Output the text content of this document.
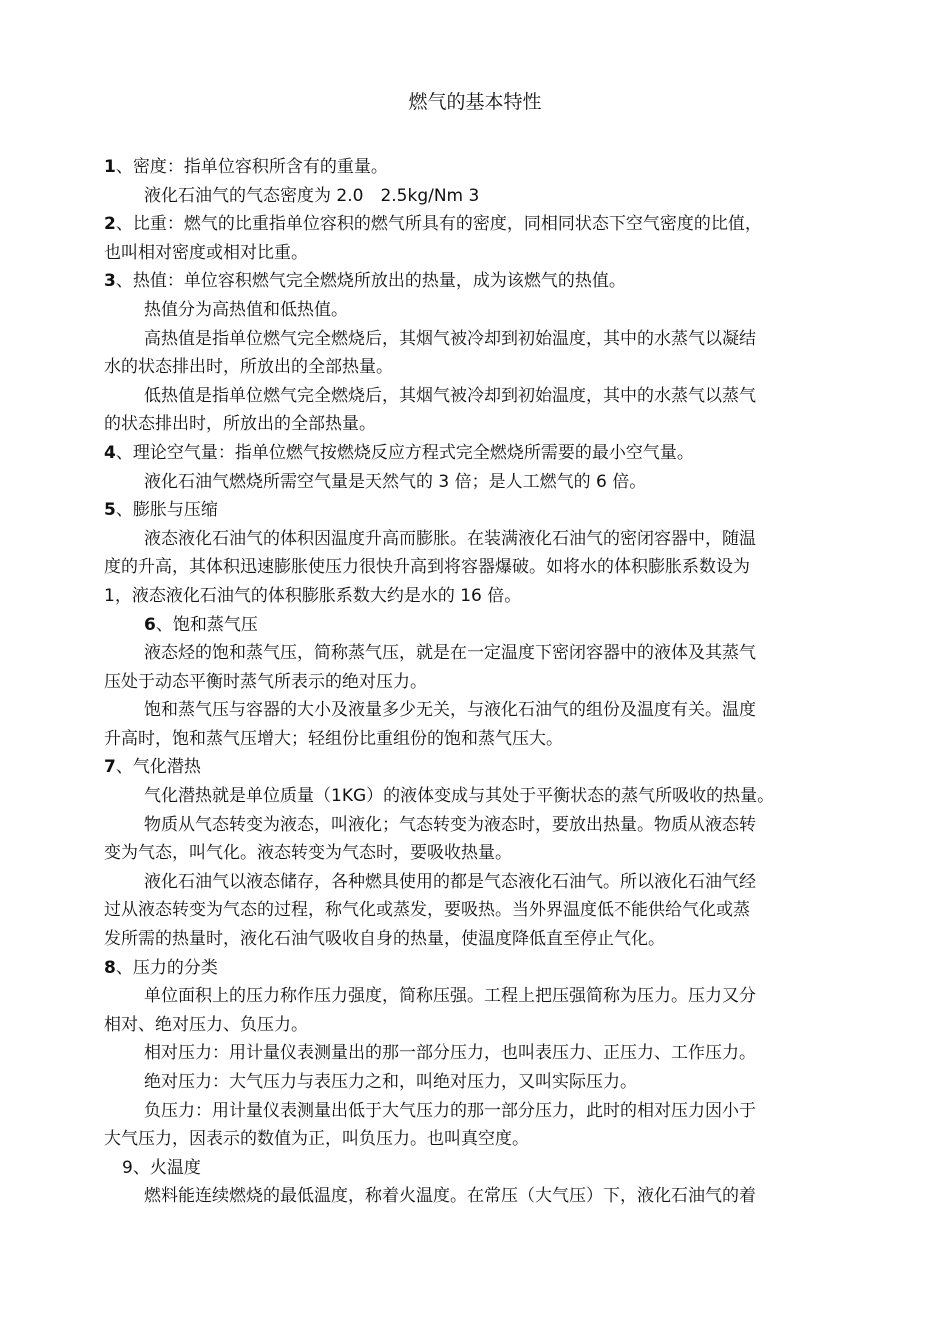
燃气的基本特性

1、密度：指单位容积所含有的重量。

液化石油气的气态密度为 2.0　2.5kg/Nm 3

2、比重：燃气的比重指单位容积的燃气所具有的密度，同相同状态下空气密度的比值，

也叫相对密度或相对比重。

3、热值：单位容积燃气完全燃烧所放出的热量，成为该燃气的热值。

热值分为高热值和低热值。

高热值是指单位燃气完全燃烧后，其烟气被冷却到初始温度，其中的水蒸气以凝结

水的状态排出时，所放出的全部热量。

低热值是指单位燃气完全燃烧后，其烟气被冷却到初始温度，其中的水蒸气以蒸气

的状态排出时，所放出的全部热量。

4、理论空气量：指单位燃气按燃烧反应方程式完全燃烧所需要的最小空气量。

液化石油气燃烧所需空气量是天然气的 3 倍；是人工燃气的 6 倍。

5、膨胀与压缩

液态液化石油气的体积因温度升高而膨胀。在装满液化石油气的密闭容器中，随温

度的升高，其体积迅速膨胀使压力很快升高到将容器爆破。如将水的体积膨胀系数设为

1，液态液化石油气的体积膨胀系数大约是水的 16 倍。

6、饱和蒸气压

液态烃的饱和蒸气压，简称蒸气压，就是在一定温度下密闭容器中的液体及其蒸气

压处于动态平衡时蒸气所表示的绝对压力。

饱和蒸气压与容器的大小及液量多少无关，与液化石油气的组份及温度有关。温度

升高时，饱和蒸气压增大；轻组份比重组份的饱和蒸气压大。

7、气化潜热

气化潜热就是单位质量（1KG）的液体变成与其处于平衡状态的蒸气所吸收的热量。

物质从气态转变为液态，叫液化；气态转变为液态时，要放出热量。物质从液态转

变为气态，叫气化。液态转变为气态时，要吸收热量。

液化石油气以液态储存，各种燃具使用的都是气态液化石油气。所以液化石油气经

过从液态转变为气态的过程，称气化或蒸发，要吸热。当外界温度低不能供给气化或蒸

发所需的热量时，液化石油气吸收自身的热量，使温度降低直至停止气化。

8、压力的分类

单位面积上的压力称作压力强度，简称压强。工程上把压强简称为压力。压力又分

相对、绝对压力、负压力。

相对压力：用计量仪表测量出的那一部分压力，也叫表压力、正压力、工作压力。

绝对压力：大气压力与表压力之和，叫绝对压力，又叫实际压力。

负压力：用计量仪表测量出低于大气压力的那一部分压力，此时的相对压力因小于

大气压力，因表示的数值为正，叫负压力。也叫真空度。

9、火温度

燃料能连续燃烧的最低温度，称着火温度。在常压（大气压）下，液化石油气的着
